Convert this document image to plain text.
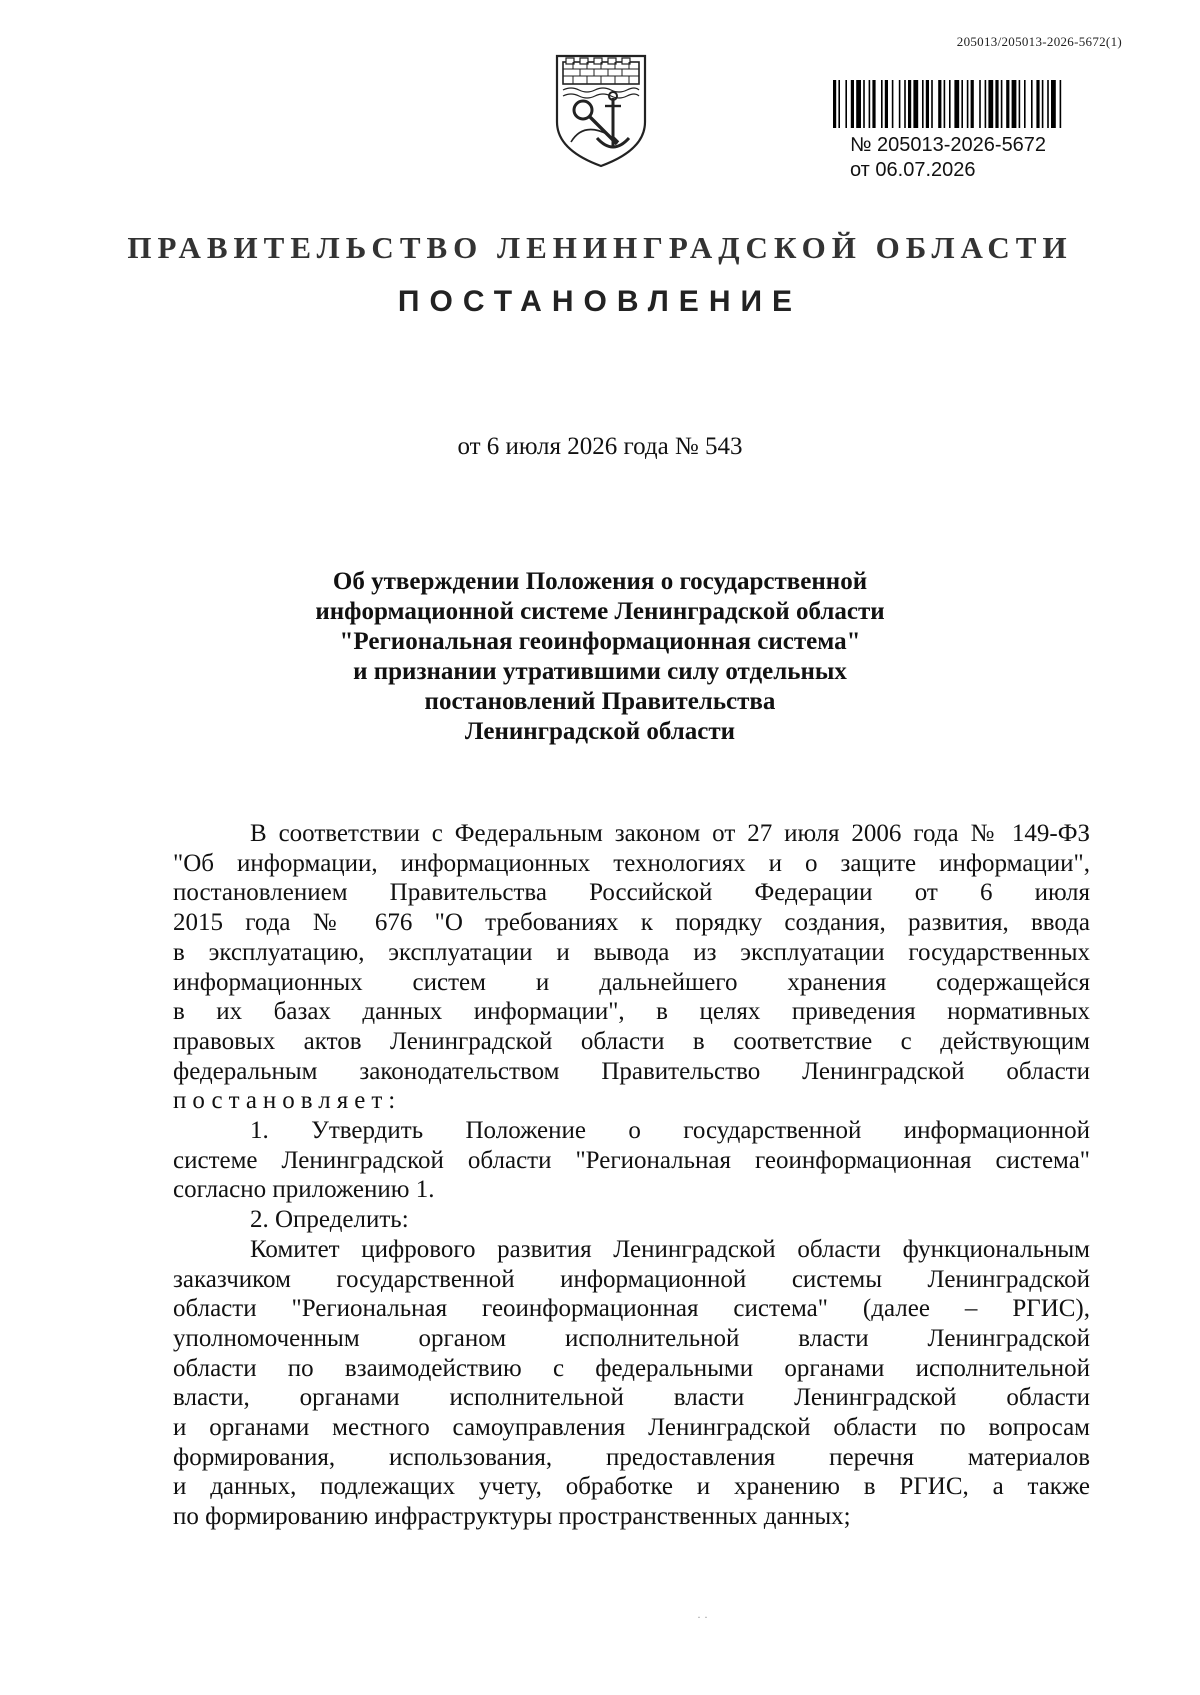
205013/205013-2026-5672(1)
№ 205013-2026-5672
от 06.07.2026
ПРАВИТЕЛЬСТВО ЛЕНИНГРАДСКОЙ ОБЛАСТИ
ПОСТАНОВЛЕНИЕ
от 6 июля 2026 года № 543
Об утверждении Положения о государственной
информационной системе Ленинградской области
"Региональная геоинформационная система"
и признании утратившими силу отдельных
постановлений Правительства
Ленинградской области
В соответствии с Федеральным законом от 27 июля 2006 года № 149-ФЗ
"Об информации, информационных технологиях и о защите информации",
постановлением Правительства Российской Федерации от 6 июля
2015 года № 676 "О требованиях к порядку создания, развития, ввода
в эксплуатацию, эксплуатации и вывода из эксплуатации государственных
информационных систем и дальнейшего хранения содержащейся
в их базах данных информации", в целях приведения нормативных
правовых актов Ленинградской области в соответствие с действующим
федеральным законодательством Правительство Ленинградской области
постановляет:
1. Утвердить Положение о государственной информационной
системе Ленинградской области "Региональная геоинформационная система"
согласно приложению 1.
2. Определить:
Комитет цифрового развития Ленинградской области функциональным
заказчиком государственной информационной системы Ленинградской
области "Региональная геоинформационная система" (далее – РГИС),
уполномоченным органом исполнительной власти Ленинградской
области по взаимодействию с федеральными органами исполнительной
власти, органами исполнительной власти Ленинградской области
и органами местного самоуправления Ленинградской области по вопросам
формирования, использования, предоставления перечня материалов
и данных, подлежащих учету, обработке и хранению в РГИС, а также
по формированию инфраструктуры пространственных данных;
· ·
